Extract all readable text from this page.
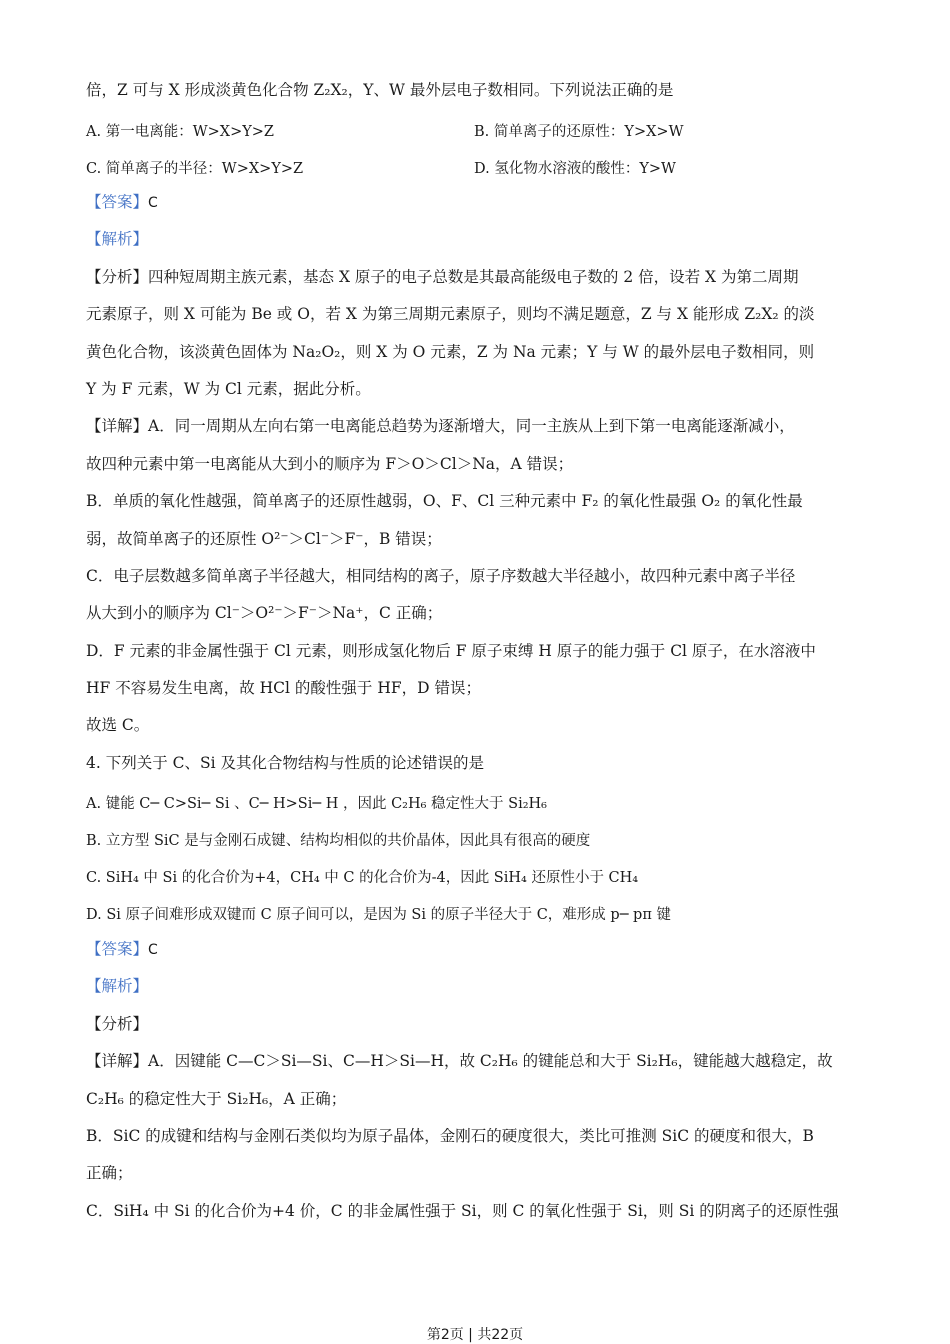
倍，Z 可与 X 形成淡黄色化合物 Z₂X₂，Y、W 最外层电子数相同。下列说法正确的是
A. 第一电离能：W>X>Y>Z	B. 简单离子的还原性：Y>X>W
C. 简单离子的半径：W>X>Y>Z	D. 氢化物水溶液的酸性：Y>W
【答案】C
【解析】
【分析】四种短周期主族元素，基态 X 原子的电子总数是其最高能级电子数的 2 倍，设若 X 为第二周期
元素原子，则 X 可能为 Be 或 O，若 X 为第三周期元素原子，则均不满足题意，Z 与 X 能形成 Z₂X₂ 的淡
黄色化合物，该淡黄色固体为 Na₂O₂，则 X 为 O 元素，Z 为 Na 元素；Y 与 W 的最外层电子数相同，则
Y 为 F 元素，W 为 Cl 元素，据此分析。
【详解】A．同一周期从左向右第一电离能总趋势为逐渐增大，同一主族从上到下第一电离能逐渐减小，
故四种元素中第一电离能从大到小的顺序为 F＞O＞Cl＞Na，A 错误；
B．单质的氧化性越强，简单离子的还原性越弱，O、F、Cl 三种元素中 F₂ 的氧化性最强 O₂ 的氧化性最
弱，故简单离子的还原性 O²⁻＞Cl⁻＞F⁻，B 错误；
C．电子层数越多简单离子半径越大，相同结构的离子，原子序数越大半径越小，故四种元素中离子半径
从大到小的顺序为 Cl⁻＞O²⁻＞F⁻＞Na⁺，C 正确；
D．F 元素的非金属性强于 Cl 元素，则形成氢化物后 F 原子束缚 H 原子的能力强于 Cl 原子，在水溶液中
HF 不容易发生电离，故 HCl 的酸性强于 HF，D 错误；
故选 C。
4. 下列关于 C、Si 及其化合物结构与性质的论述错误的是
A. 键能 C─ C>Si─ Si 、C─ H>Si─ H ，因此 C₂H₆ 稳定性大于 Si₂H₆
B. 立方型 SiC 是与金刚石成键、结构均相似的共价晶体，因此具有很高的硬度
C. SiH₄ 中 Si 的化合价为+4，CH₄ 中 C 的化合价为-4，因此 SiH₄ 还原性小于 CH₄
D. Si 原子间难形成双键而 C 原子间可以，是因为 Si 的原子半径大于 C，难形成 p─ pπ 键
【答案】C
【解析】
【分析】
【详解】A．因键能 C—C＞Si—Si、C—H＞Si—H，故 C₂H₆ 的键能总和大于 Si₂H₆，键能越大越稳定，故
C₂H₆ 的稳定性大于 Si₂H₆，A 正确；
B．SiC 的成键和结构与金刚石类似均为原子晶体，金刚石的硬度很大，类比可推测 SiC 的硬度和很大，B
正确；
C．SiH₄ 中 Si 的化合价为+4 价，C 的非金属性强于 Si，则 C 的氧化性强于 Si，则 Si 的阴离子的还原性强
第2页 | 共22页
